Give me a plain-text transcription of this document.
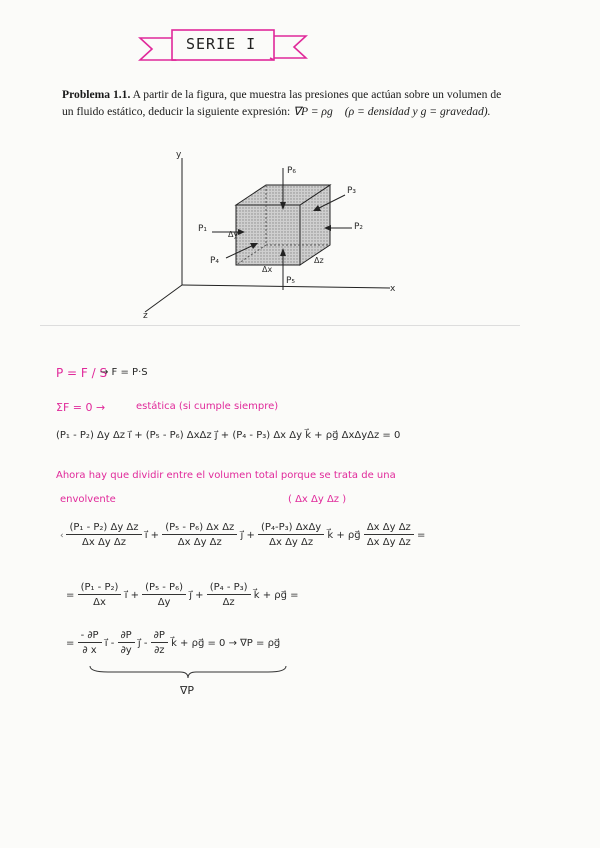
SERIE I
Problema 1.1. A partir de la figura, que muestra las presiones que actúan sobre un volumen de un fluido estático, deducir la siguiente expresión: ∇P = ρg⃗ (ρ = densidad y g = gravedad).
y
x
z
P₆
P₃
P₂
P₁
P₄
P₅
Δy
Δx
Δz
P = F / S
→ F = P·S
ΣF = 0 →	estática (si cumple siempre)
(P₁ - P₂) Δy Δz i⃗ + (P₅ - P₆) ΔxΔz j⃗ + (P₄ - P₃) Δx Δy k⃗ + ρg⃗ ΔxΔyΔz = 0
Ahora hay que dividir entre el volumen total porque se trata de una
envolvente	( Δx Δy Δz )
‹ $\frac{\text{(P₁ - P₂) Δy Δz}}{\text{Δx Δy Δz}}$ i⃗ + $\frac{\text{(P₅ - P₆) Δx Δz}}{\text{Δx Δy Δz}}$ j⃗ + $\frac{\text{(P₄-P₃) ΔxΔy}}{\text{Δx Δy Δz}}$ k⃗ + ρg⃗ $\frac{\text{Δx Δy Δz}}{\text{Δx Δy Δz}}$ =
= $\frac{\text{(P₁ - P₂)}}{\Delta x}$ i⃗ + $\frac{\text{(P₅ - P₆)}}{\Delta y}$ j⃗ + $\frac{\text{(P₄ - P₃)}}{\Delta z}$ k⃗ + ρg⃗ =
= $\frac{- \partial P}{\partial x}$ i⃗ - $\frac{\partial P}{\partial y}$ j⃗ - $\frac{\partial P}{\partial z}$ k⃗ + ρg⃗ = 0 → ∇P = ρg⃗
∇P
